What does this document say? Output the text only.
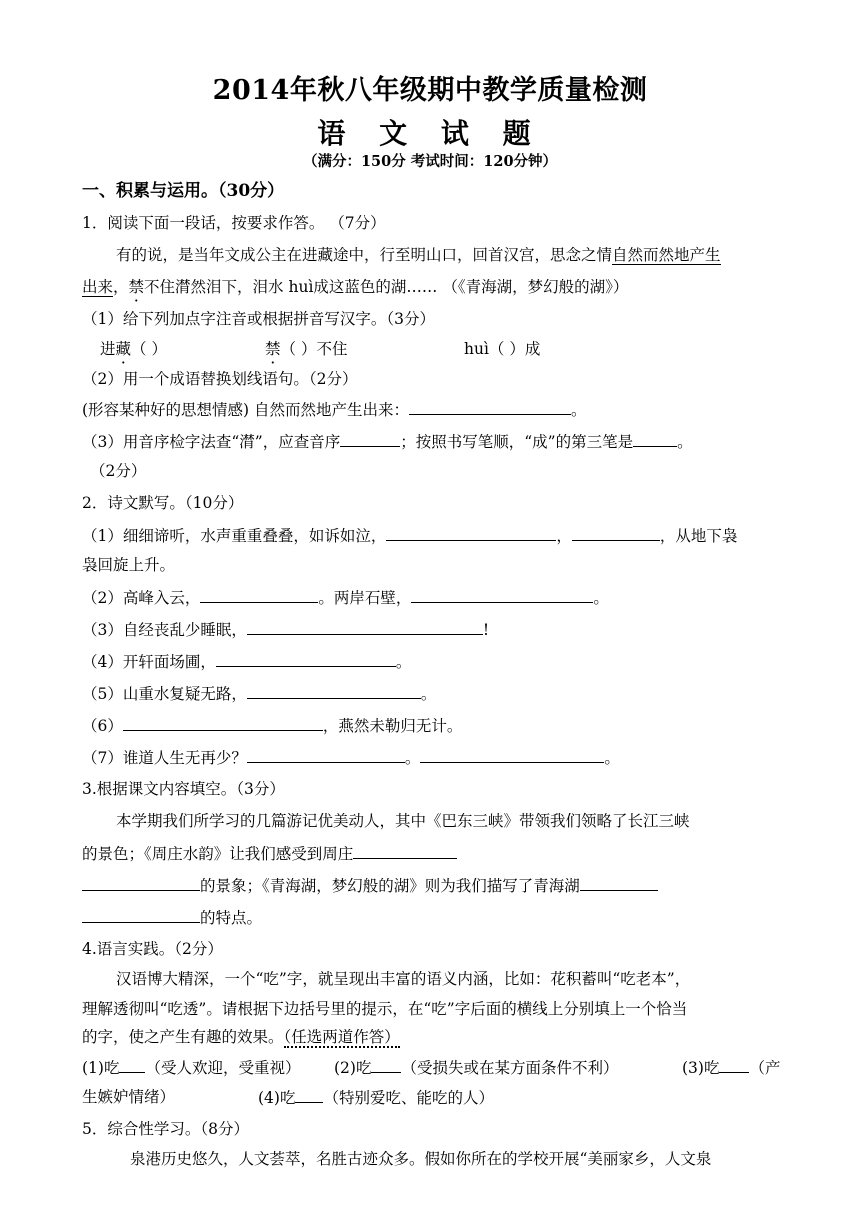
2014年秋八年级期中教学质量检测
语 文 试 题
（满分：150分 考试时间：120分钟）
一、积累与运用。（30分）
1．阅读下面一段话，按要求作答。 （7分）
有的说，是当年文成公主在进藏途中，行至明山口，回首汉宫，思念之情自然而然地产生
出来，禁不住潸然泪下，泪水 huì成这蓝色的湖…… （《青海湖，梦幻般的湖》）
（1）给下列加点字注音或根据拼音写汉字。（3分）
进藏（ ）	禁（ ）不住	huì（ ）成
（2）用一个成语替换划线语句。（2分）
(形容某种好的思想情感) 自然而然地产生出来：	。
（3）用音序检字法查“潸”，应查音序	；按照书写笔顺，“成”的第三笔是	。
（2分）
2．诗文默写。（10分）
（1）细细谛听，水声重重叠叠，如诉如泣，	，	，从地下袅
袅回旋上升。
（2）高峰入云，	。两岸石壁，	。
（3）自经丧乱少睡眠，	!
（4）开轩面场圃，	。
（5）山重水复疑无路，	。
（6）	，燕然未勒归无计。
（7）谁道人生无再少？	。	。
3.根据课文内容填空。（3分）
本学期我们所学习的几篇游记优美动人，其中《巴东三峡》带领我们领略了长江三峡
的景色；《周庄水韵》让我们感受到周庄
的景象；《青海湖，梦幻般的湖》则为我们描写了青海湖
的特点。
4.语言实践。（2分）
汉语博大精深，一个“吃”字，就呈现出丰富的语义内涵，比如：花积蓄叫“吃老本”，
理解透彻叫“吃透”。请根据下边括号里的提示，在“吃”字后面的横线上分别填上一个恰当
的字，使之产生有趣的效果。（任选两道作答）
(1)吃 （受人欢迎，受重视） (2)吃 （受损失或在某方面条件不利）	(3)吃 （产
生嫉妒情绪）	(4)吃 （特别爱吃、能吃的人）
5．综合性学习。（8分）
泉港历史悠久，人文荟萃，名胜古迹众多。假如你所在的学校开展“美丽家乡，人文泉
